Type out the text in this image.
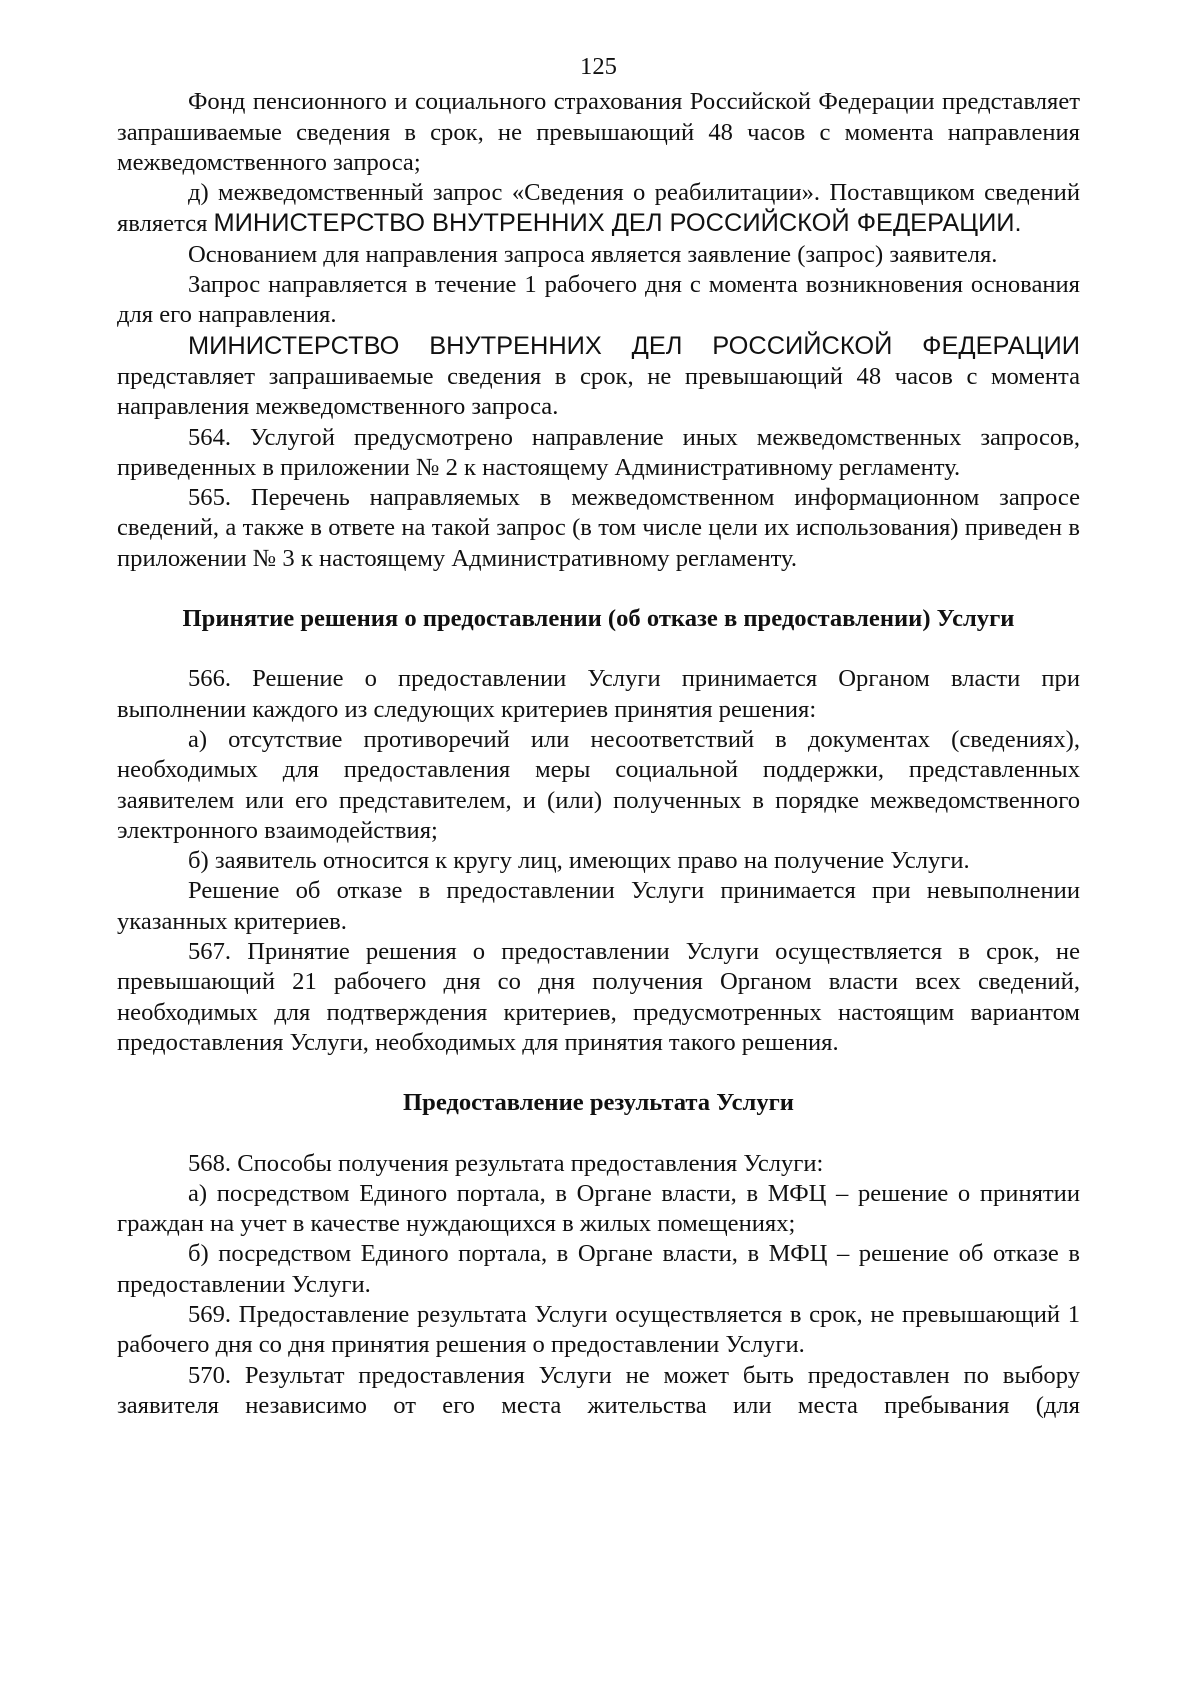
125

Фонд пенсионного и социального страхования Российской Федерации представляет запрашиваемые сведения в срок, не превышающий 48 часов с момента направления межведомственного запроса;

д) межведомственный запрос «Сведения о реабилитации». Поставщиком сведений является МИНИСТЕРСТВО ВНУТРЕННИХ ДЕЛ РОССИЙСКОЙ ФЕДЕРАЦИИ.

Основанием для направления запроса является заявление (запрос) заявителя.

Запрос направляется в течение 1 рабочего дня с момента возникновения основания для его направления.

МИНИСТЕРСТВО ВНУТРЕННИХ ДЕЛ РОССИЙСКОЙ ФЕДЕРАЦИИ представляет запрашиваемые сведения в срок, не превышающий 48 часов с момента направления межведомственного запроса.

564. Услугой предусмотрено направление иных межведомственных запросов, приведенных в приложении № 2 к настоящему Административному регламенту.

565. Перечень направляемых в межведомственном информационном запросе сведений, а также в ответе на такой запрос (в том числе цели их использования) приведен в приложении № 3 к настоящему Административному регламенту.

Принятие решения о предоставлении (об отказе в предоставлении) Услуги

566. Решение о предоставлении Услуги принимается Органом власти при выполнении каждого из следующих критериев принятия решения:

а) отсутствие противоречий или несоответствий в документах (сведениях), необходимых для предоставления меры социальной поддержки, представленных заявителем или его представителем, и (или) полученных в порядке межведомственного электронного взаимодействия;

б) заявитель относится к кругу лиц, имеющих право на получение Услуги.

Решение об отказе в предоставлении Услуги принимается при невыполнении указанных критериев.

567. Принятие решения о предоставлении Услуги осуществляется в срок, не превышающий 21 рабочего дня со дня получения Органом власти всех сведений, необходимых для подтверждения критериев, предусмотренных настоящим вариантом предоставления Услуги, необходимых для принятия такого решения.

Предоставление результата Услуги

568. Способы получения результата предоставления Услуги:

а) посредством Единого портала, в Органе власти, в МФЦ – решение о принятии граждан на учет в качестве нуждающихся в жилых помещениях;

б) посредством Единого портала, в Органе власти, в МФЦ – решение об отказе в предоставлении Услуги.

569. Предоставление результата Услуги осуществляется в срок, не превышающий 1 рабочего дня со дня принятия решения о предоставлении Услуги.

570. Результат предоставления Услуги не может быть предоставлен по выбору заявителя независимо от его места жительства или места пребывания (для
